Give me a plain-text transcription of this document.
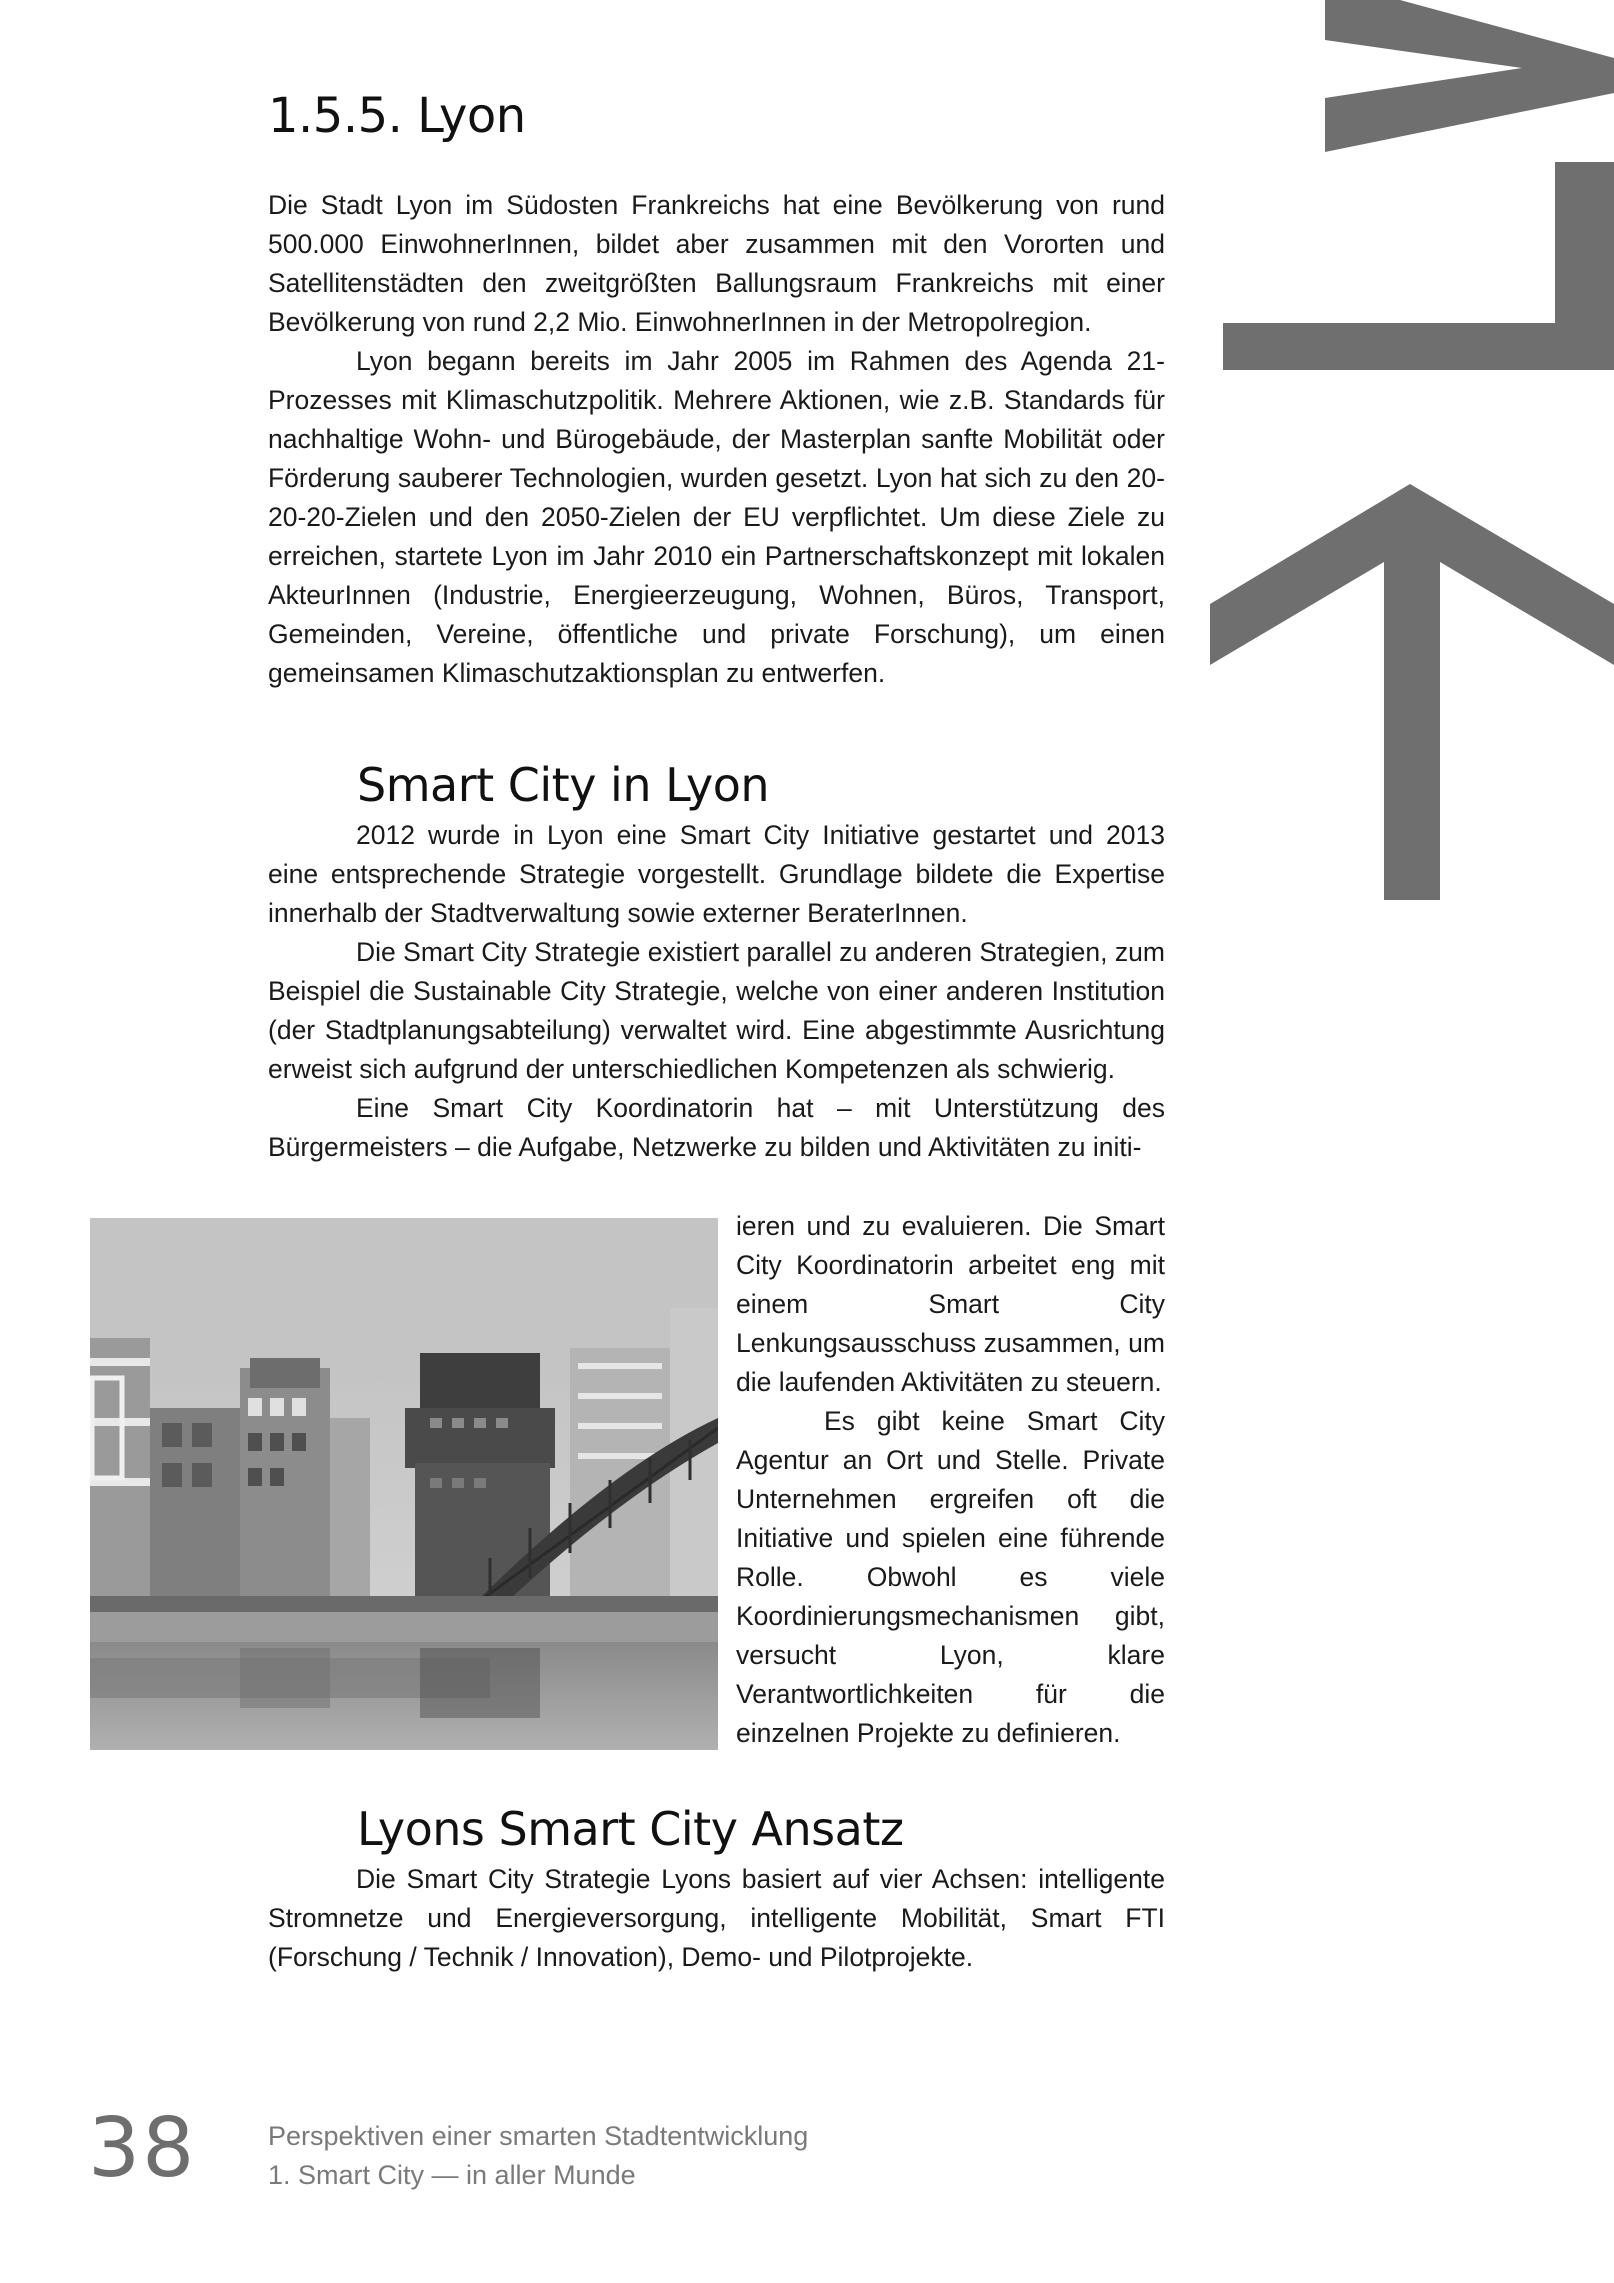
1.5.5. Lyon

Die Stadt Lyon im Südosten Frankreichs hat eine Bevölkerung von rund 500.000 EinwohnerInnen, bildet aber zusammen mit den Vororten und Satellitenstädten den zweitgrößten Ballungsraum Frankreichs mit einer Bevölkerung von rund 2,2 Mio. EinwohnerInnen in der Metropolregion.

Lyon begann bereits im Jahr 2005 im Rahmen des Agenda 21-Prozesses mit Klimaschutzpolitik. Mehrere Aktionen, wie z.B. Standards für nachhaltige Wohn- und Bürogebäude, der Masterplan sanfte Mobilität oder Förderung sauberer Technologien, wurden gesetzt. Lyon hat sich zu den 20-20-20-Zielen und den 2050-Zielen der EU verpflichtet. Um diese Ziele zu erreichen, startete Lyon im Jahr 2010 ein Partnerschaftskonzept mit lokalen AkteurInnen (Industrie, Energieerzeugung, Wohnen, Büros, Transport, Gemeinden, Vereine, öffentliche und private Forschung), um einen gemeinsamen Klimaschutzaktionsplan zu entwerfen.

Smart City in Lyon

2012 wurde in Lyon eine Smart City Initiative gestartet und 2013 eine entsprechende Strategie vorgestellt. Grundlage bildete die Expertise innerhalb der Stadtverwaltung sowie externer BeraterInnen.

Die Smart City Strategie existiert parallel zu anderen Strategien, zum Beispiel die Sustainable City Strategie, welche von einer anderen Institution (der Stadtplanungsabteilung) verwaltet wird. Eine abgestimmte Ausrichtung erweist sich aufgrund der unterschiedlichen Kompetenzen als schwierig.

Eine Smart City Koordinatorin hat – mit Unterstützung des Bürgermeisters – die Aufgabe, Netzwerke zu bilden und Aktivitäten zu initi-

ieren und zu evaluieren. Die Smart City Koordinatorin arbeitet eng mit einem Smart City Lenkungsausschuss zusammen, um die laufenden Aktivitäten zu steuern.

Es gibt keine Smart City Agentur an Ort und Stelle. Private Unternehmen ergreifen oft die Initiative und spielen eine führende Rolle. Obwohl es viele Koordinierungsmechanismen gibt, versucht Lyon, klare Verantwortlichkeiten für die einzelnen Projekte zu definieren.

Lyons Smart City Ansatz

Die Smart City Strategie Lyons basiert auf vier Achsen: intelligente Stromnetze und Energieversorgung, intelligente Mobilität, Smart FTI (Forschung / Technik / Innovation), Demo- und Pilotprojekte.

38	Perspektiven einer smarten Stadtentwicklung
1. Smart City — in aller Munde
